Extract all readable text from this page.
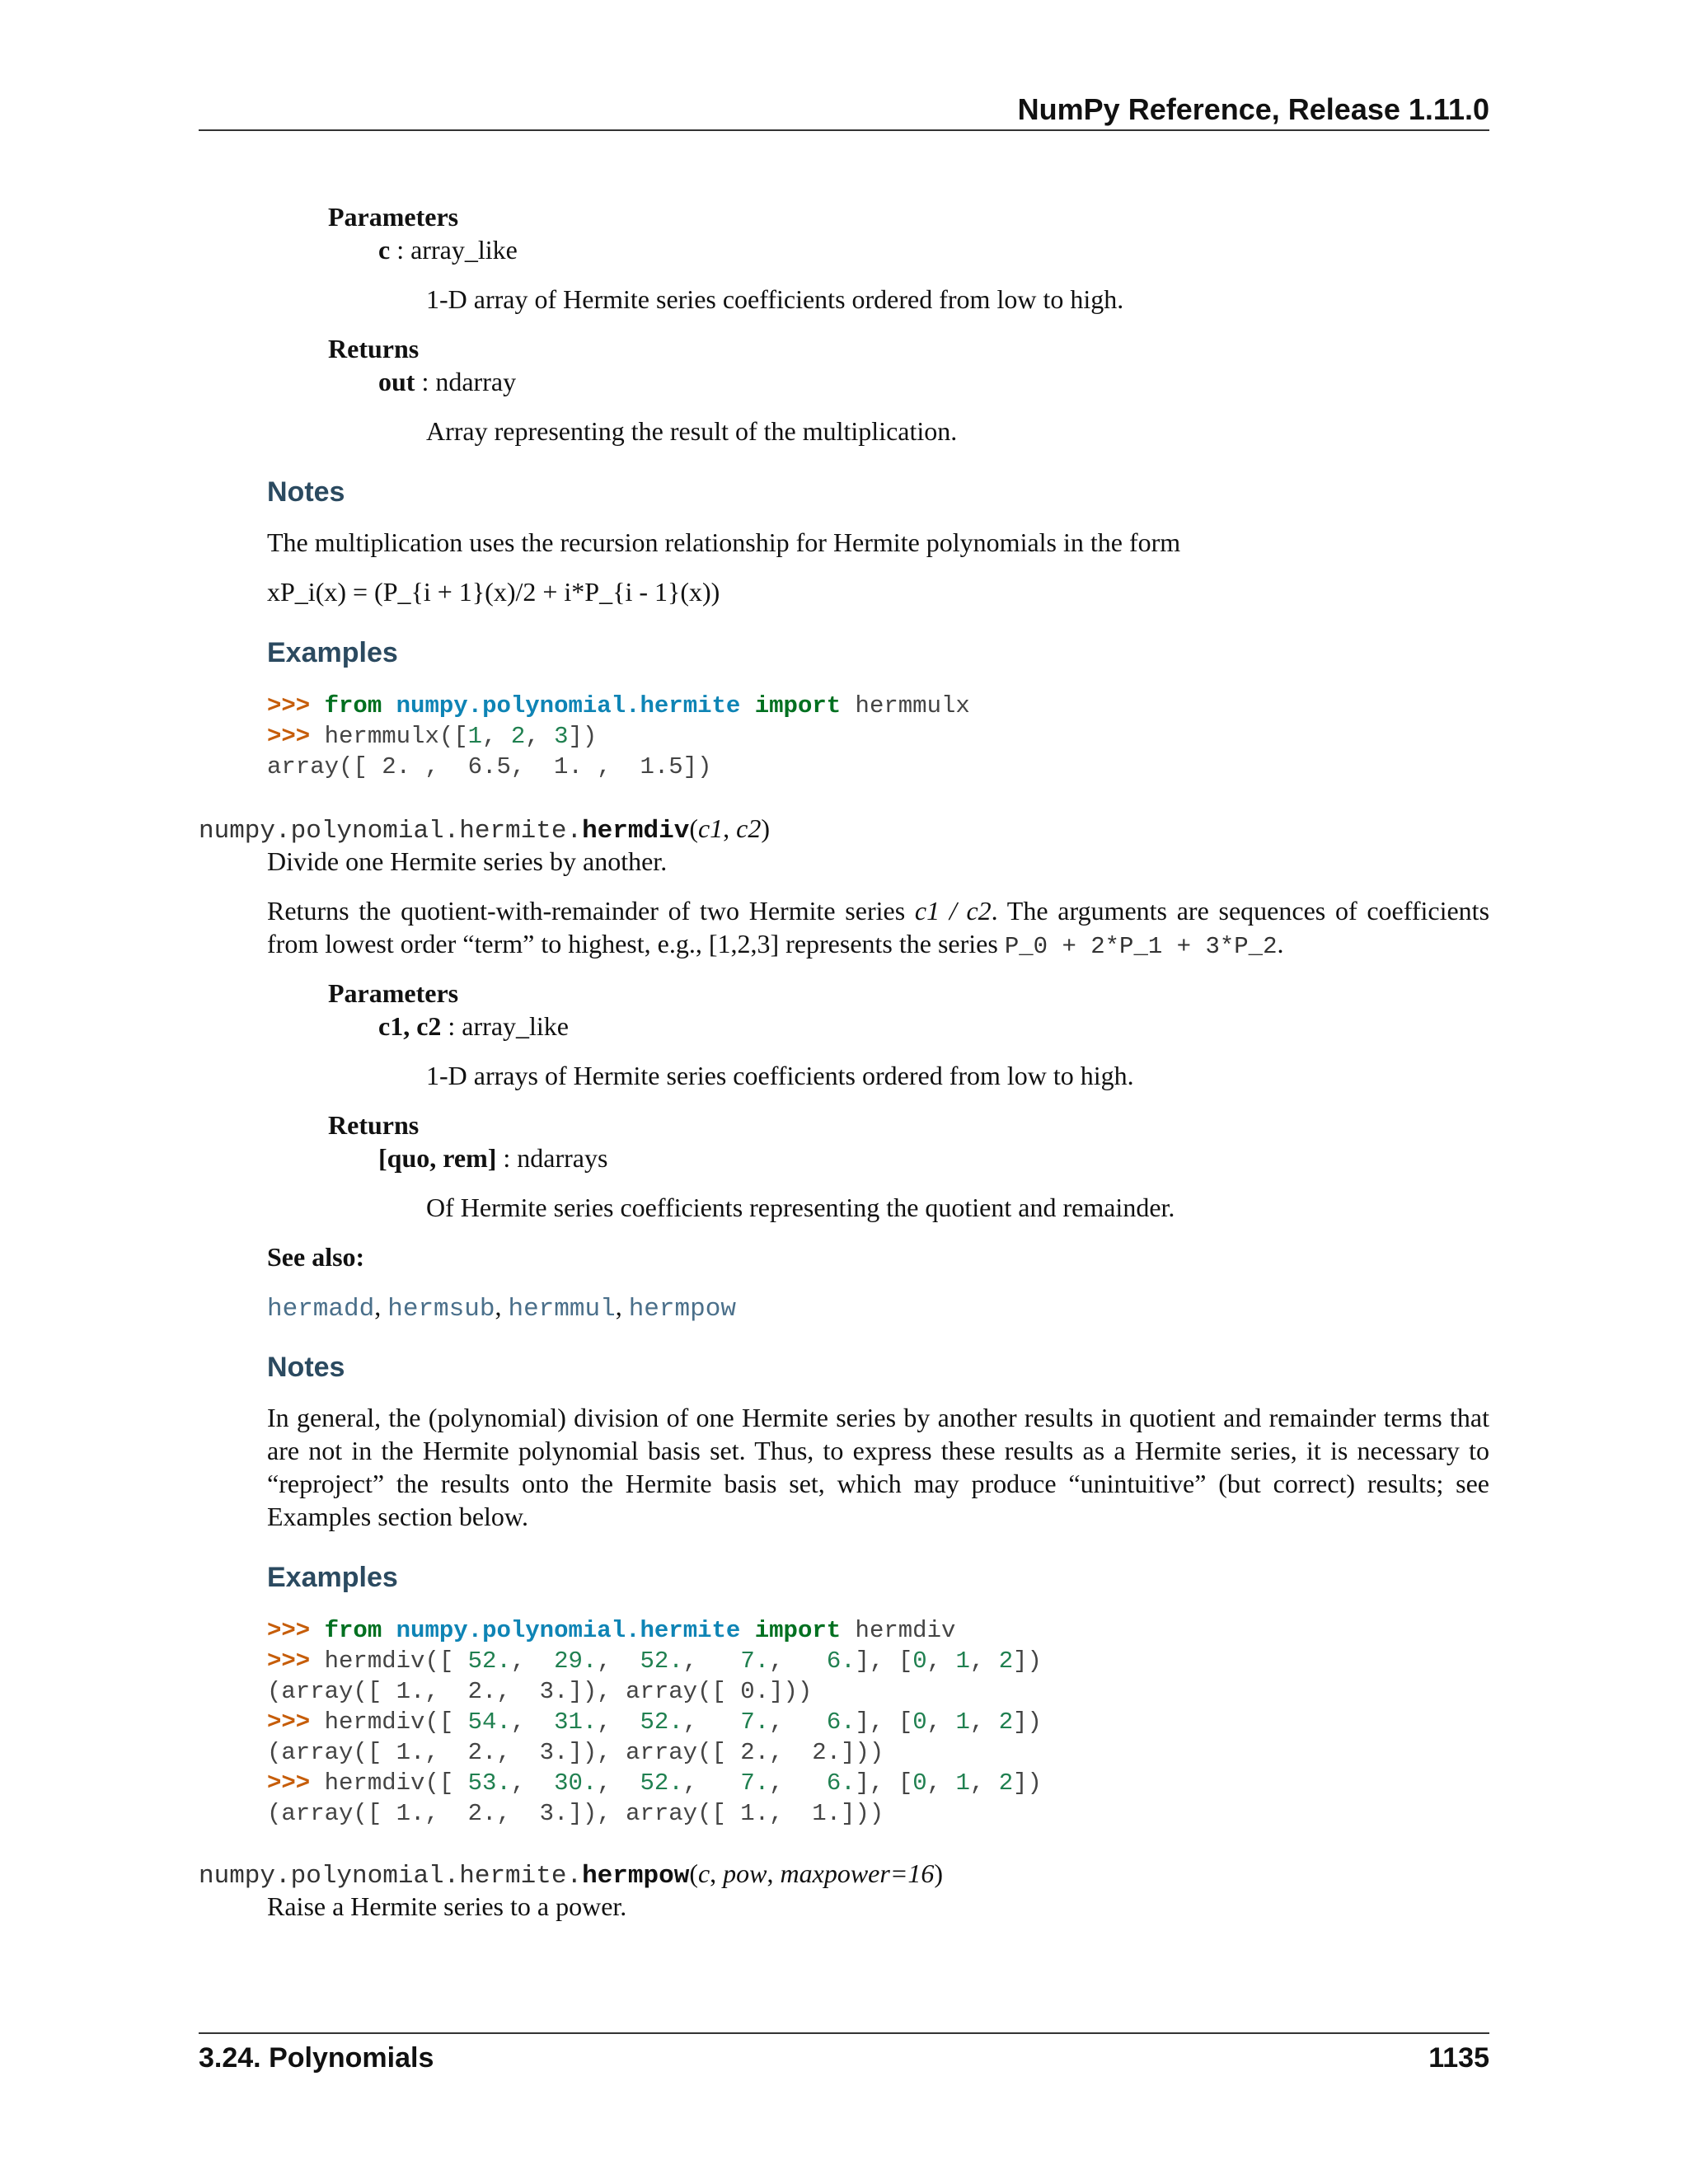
NumPy Reference, Release 1.11.0
Parameters
c : array_like
1-D array of Hermite series coefficients ordered from low to high.
Returns
out : ndarray
Array representing the result of the multiplication.
Notes
The multiplication uses the recursion relationship for Hermite polynomials in the form
xP_i(x) = (P_{i + 1}(x)/2 + i*P_{i - 1}(x))
Examples
>>> from numpy.polynomial.hermite import hermmulx
>>> hermmulx([1, 2, 3])
array([ 2. ,  6.5,  1. ,  1.5])
numpy.polynomial.hermite.hermdiv(c1, c2)
Divide one Hermite series by another.
Returns the quotient-with-remainder of two Hermite series c1 / c2. The arguments are sequences of coefficients from lowest order “term” to highest, e.g., [1,2,3] represents the series P_0 + 2*P_1 + 3*P_2.
Parameters
c1, c2 : array_like
1-D arrays of Hermite series coefficients ordered from low to high.
Returns
[quo, rem] : ndarrays
Of Hermite series coefficients representing the quotient and remainder.
See also:
hermadd, hermsub, hermmul, hermpow
Notes
In general, the (polynomial) division of one Hermite series by another results in quotient and remainder terms that are not in the Hermite polynomial basis set. Thus, to express these results as a Hermite series, it is necessary to “reproject” the results onto the Hermite basis set, which may produce “unintuitive” (but correct) results; see Examples section below.
Examples
>>> from numpy.polynomial.hermite import hermdiv
>>> hermdiv([ 52.,  29.,  52.,   7.,   6.], [0, 1, 2])
(array([ 1.,  2.,  3.]), array([ 0.]))
>>> hermdiv([ 54.,  31.,  52.,   7.,   6.], [0, 1, 2])
(array([ 1.,  2.,  3.]), array([ 2.,  2.]))
>>> hermdiv([ 53.,  30.,  52.,   7.,   6.], [0, 1, 2])
(array([ 1.,  2.,  3.]), array([ 1.,  1.]))
numpy.polynomial.hermite.hermpow(c, pow, maxpower=16)
Raise a Hermite series to a power.
3.24. Polynomials	1135
